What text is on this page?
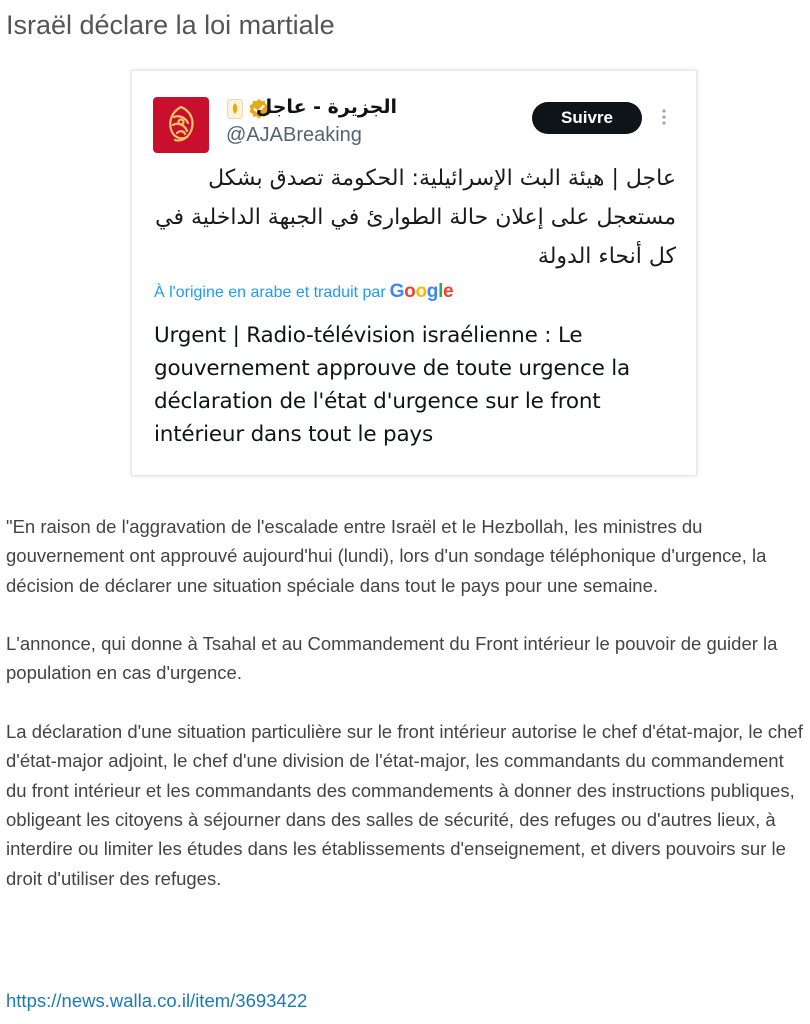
Israël déclare la loi martiale
الجزيرة - عاجل
@AJABreaking
Suivre
عاجل | هيئة البث الإسرائيلية: الحكومة تصدق بشكل مستعجل على إعلان حالة الطوارئ في الجبهة الداخلية في كل أنحاء الدولة
À l'origine en arabe et traduit par Google
Urgent | Radio-télévision israélienne : Le gouvernement approuve de toute urgence la déclaration de l'état d'urgence sur le front intérieur dans tout le pays

"En raison de l'aggravation de l'escalade entre Israël et le Hezbollah, les ministres du gouvernement ont approuvé aujourd'hui (lundi), lors d'un sondage téléphonique d'urgence, la décision de déclarer une situation spéciale dans tout le pays pour une semaine.

L'annonce, qui donne à Tsahal et au Commandement du Front intérieur le pouvoir de guider la population en cas d'urgence.

La déclaration d'une situation particulière sur le front intérieur autorise le chef d'état-major, le chef d'état-major adjoint, le chef d'une division de l'état-major, les commandants du commandement du front intérieur et les commandants des commandements à donner des instructions publiques, obligeant les citoyens à séjourner dans des salles de sécurité, des refuges ou d'autres lieux, à interdire ou limiter les études dans les établissements d'enseignement, et divers pouvoirs sur le droit d'utiliser des refuges.

https://news.walla.co.il/item/3693422
